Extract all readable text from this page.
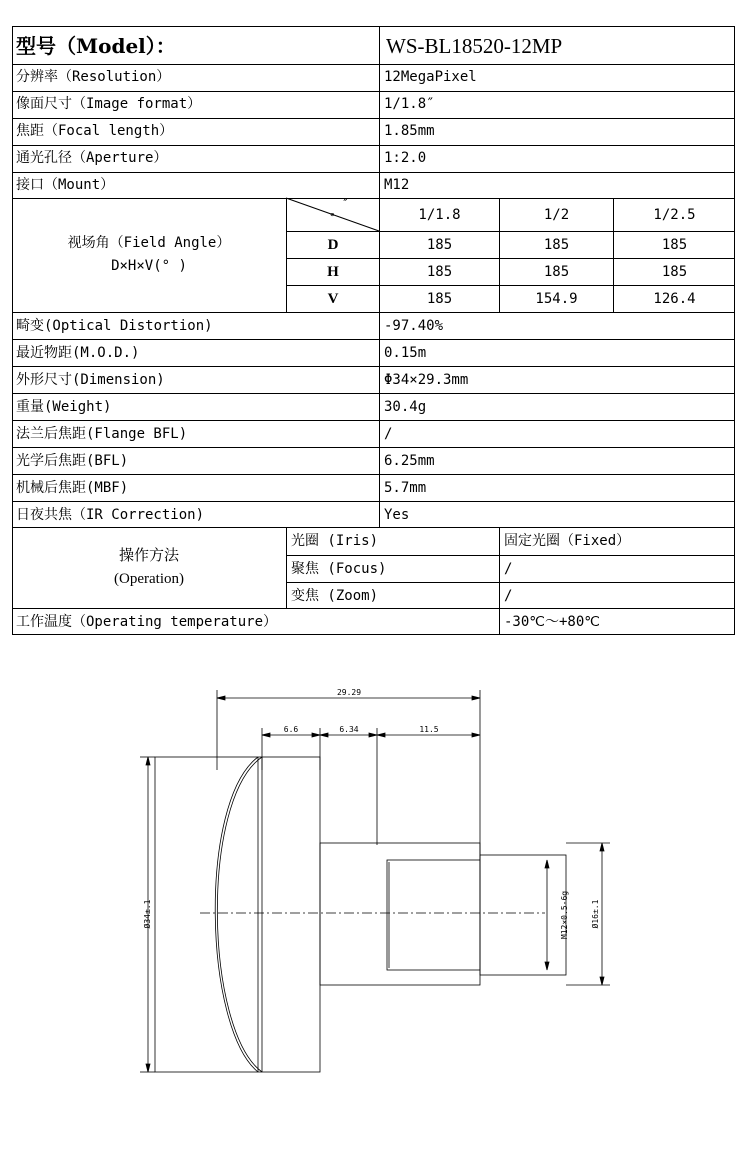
型号（Model）：	WS-BL18520-12MP
分辨率（Resolution）	12MegaPixel
像面尺寸（Image format）	1/1.8″
焦距（Focal length）	1.85mm
通光孔径（Aperture）	1:2.0
接口（Mount）	M12
视场角（Field Angle）
D×H×V(° )
″
°	1/1.8	1/2	1/2.5
D	185	185	185
H	185	185	185
V	185	154.9	126.4
畸变(Optical Distortion)	-97.40%
最近物距(M.O.D.)	0.15m
外形尺寸(Dimension)	Φ34×29.3mm
重量(Weight)	30.4g
法兰后焦距(Flange BFL)	/
光学后焦距(BFL)	6.25mm
机械后焦距(MBF)	5.7mm
日夜共焦（IR Correction)	Yes
操作方法
(Operation)
光圈 (Iris)	固定光圈（Fixed）
聚焦 (Focus)	/
变焦 (Zoom)	/
工作温度（Operating temperature）	-30℃～+80℃
29.29
6.6	6.34	11.5
Ø34±.1	M12×0.5-6g	Ø16±.1
